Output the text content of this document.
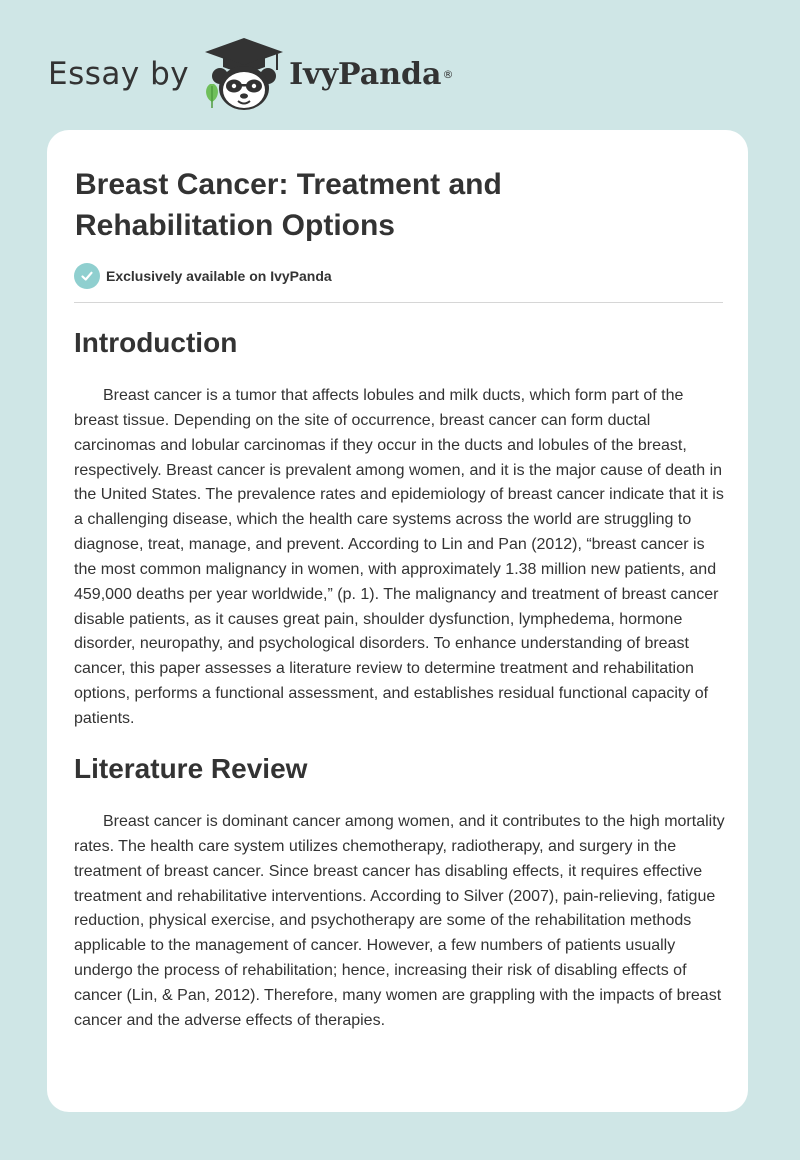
Essay by	IvyPanda ®
Breast Cancer: Treatment and Rehabilitation Options
Exclusively available on IvyPanda
Introduction

Breast cancer is a tumor that affects lobules and milk ducts, which form part of the breast tissue. Depending on the site of occurrence, breast cancer can form ductal carcinomas and lobular carcinomas if they occur in the ducts and lobules of the breast, respectively. Breast cancer is prevalent among women, and it is the major cause of death in the United States. The prevalence rates and epidemiology of breast cancer indicate that it is a challenging disease, which the health care systems across the world are struggling to diagnose, treat, manage, and prevent. According to Lin and Pan (2012), “breast cancer is the most common malignancy in women, with approximately 1.38 million new patients, and 459,000 deaths per year worldwide,” (p. 1). The malignancy and treatment of breast cancer disable patients, as it causes great pain, shoulder dysfunction, lymphedema, hormone disorder, neuropathy, and psychological disorders. To enhance understanding of breast cancer, this paper assesses a literature review to determine treatment and rehabilitation options, performs a functional assessment, and establishes residual functional capacity of patients.

Literature Review

Breast cancer is dominant cancer among women, and it contributes to the high mortality rates. The health care system utilizes chemotherapy, radiotherapy, and surgery in the treatment of breast cancer. Since breast cancer has disabling effects, it requires effective treatment and rehabilitative interventions. According to Silver (2007), pain-relieving, fatigue reduction, physical exercise, and psychotherapy are some of the rehabilitation methods applicable to the management of cancer. However, a few numbers of patients usually undergo the process of rehabilitation; hence, increasing their risk of disabling effects of cancer (Lin, & Pan, 2012). Therefore, many women are grappling with the impacts of breast cancer and the adverse effects of therapies.
